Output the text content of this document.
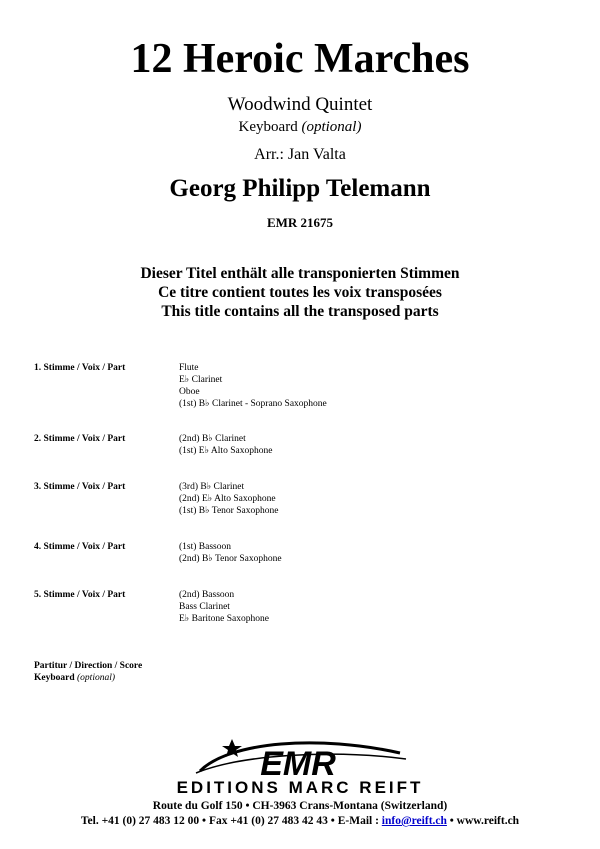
12 Heroic Marches
Woodwind Quintet
Keyboard (optional)
Arr.: Jan Valta
Georg Philipp Telemann
EMR 21675
Dieser Titel enthält alle transponierten Stimmen
Ce titre contient toutes les voix transposées
This title contains all the transposed parts
1. Stimme / Voix / Part	Flute
E♭ Clarinet
Oboe
(1st) B♭ Clarinet - Soprano Saxophone
2. Stimme / Voix / Part	(2nd) B♭ Clarinet
(1st) E♭ Alto Saxophone
3. Stimme / Voix / Part	(3rd) B♭ Clarinet
(2nd) E♭ Alto Saxophone
(1st) B♭ Tenor Saxophone
4. Stimme / Voix / Part	(1st) Bassoon
(2nd) B♭ Tenor Saxophone
5. Stimme / Voix / Part	(2nd) Bassoon
Bass Clarinet
E♭ Baritone Saxophone
Partitur / Direction / Score
Keyboard (optional)
EMR
EDITIONS MARC REIFT
Route du Golf 150 • CH-3963 Crans-Montana (Switzerland)
Tel. +41 (0) 27 483 12 00 • Fax +41 (0) 27 483 42 43 • E-Mail : info@reift.ch • www.reift.ch
